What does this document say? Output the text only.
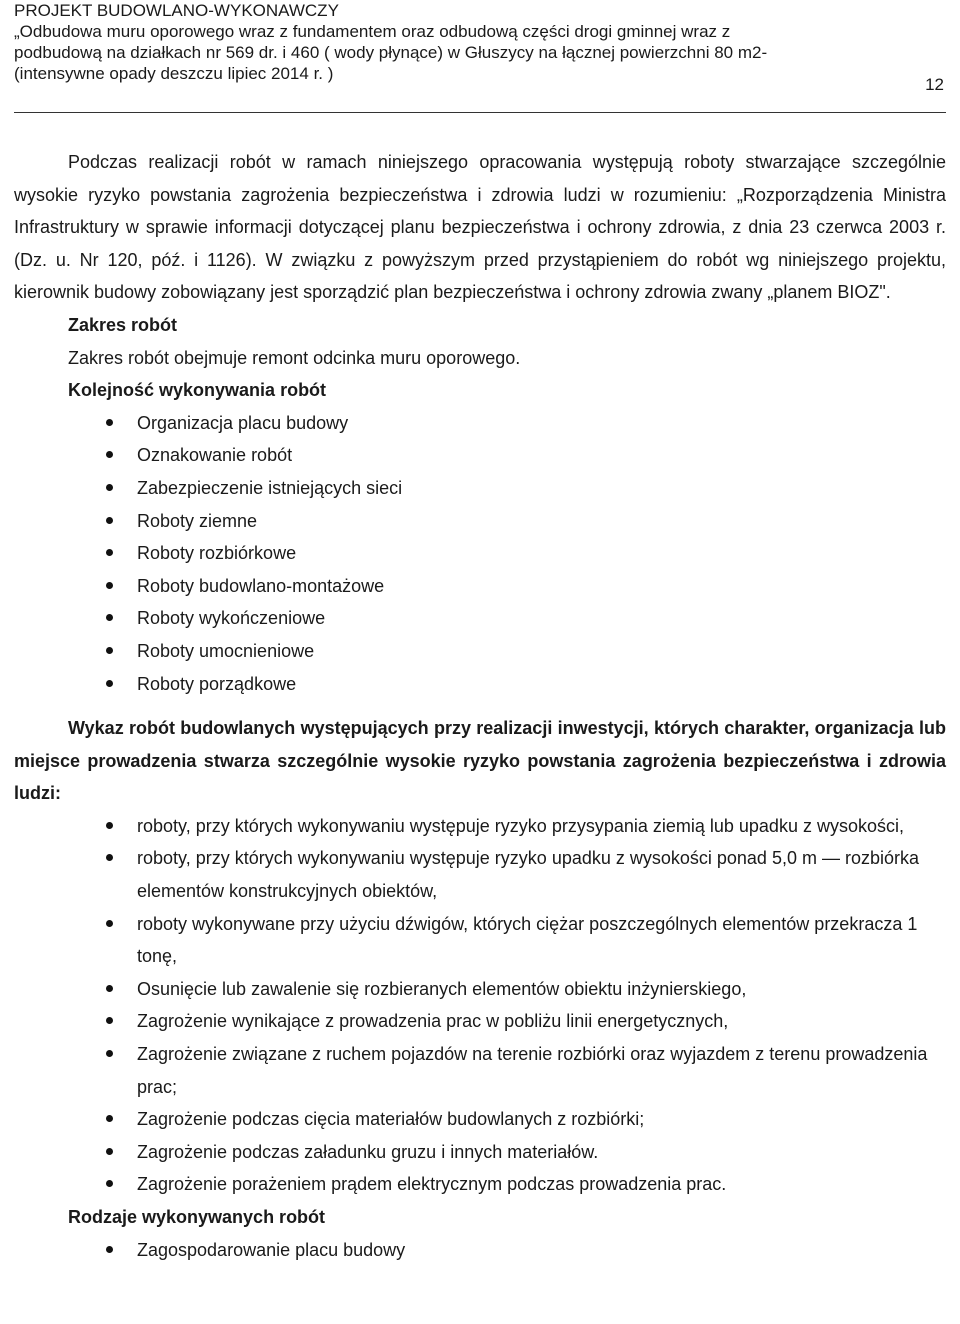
PROJEKT BUDOWLANO-WYKONAWCZY
„Odbudowa muru oporowego wraz z fundamentem oraz odbudową części drogi gminnej wraz z
podbudową na działkach nr 569 dr. i 460 ( wody płynące) w Głuszycy na łącznej powierzchni 80 m2-
(intensywne opady deszczu lipiec 2014 r. )
12

Podczas realizacji robót w ramach niniejszego opracowania występują roboty stwarzające szczególnie wysokie ryzyko powstania zagrożenia bezpieczeństwa i zdrowia ludzi w rozumieniu: „Rozporządzenia Ministra Infrastruktury w sprawie informacji dotyczącej planu bezpieczeństwa i ochrony zdrowia, z dnia 23 czerwca 2003 r. (Dz. u. Nr 120, póź. i 1126). W związku z powyższym przed przystąpieniem do robót wg niniejszego projektu, kierownik budowy zobowiązany jest sporządzić plan bezpieczeństwa i ochrony zdrowia zwany „planem BIOZ".

Zakres robót
Zakres robót obejmuje remont odcinka muru oporowego.
Kolejność wykonywania robót
Organizacja placu budowy
Oznakowanie robót
Zabezpieczenie istniejących sieci
Roboty ziemne
Roboty rozbiórkowe
Roboty budowlano-montażowe
Roboty wykończeniowe
Roboty umocnieniowe
Roboty porządkowe

Wykaz robót budowlanych występujących przy realizacji inwestycji, których charakter, organizacja lub miejsce prowadzenia stwarza szczególnie wysokie ryzyko powstania zagrożenia bezpieczeństwa i zdrowia ludzi:

roboty, przy których wykonywaniu występuje ryzyko przysypania ziemią lub upadku z wysokości,
roboty, przy których wykonywaniu występuje ryzyko upadku z wysokości ponad 5,0 m — rozbiórka elementów konstrukcyjnych obiektów,
roboty wykonywane przy użyciu dźwigów, których ciężar poszczególnych elementów przekracza 1 tonę,
Osunięcie lub zawalenie się rozbieranych elementów obiektu inżynierskiego,
Zagrożenie wynikające z prowadzenia prac w pobliżu linii energetycznych,
Zagrożenie związane z ruchem pojazdów na terenie rozbiórki oraz wyjazdem z terenu prowadzenia prac;
Zagrożenie podczas cięcia materiałów budowlanych z rozbiórki;
Zagrożenie podczas załadunku gruzu i innych materiałów.
Zagrożenie porażeniem prądem elektrycznym podczas prowadzenia prac.
Rodzaje wykonywanych robót
Zagospodarowanie placu budowy
